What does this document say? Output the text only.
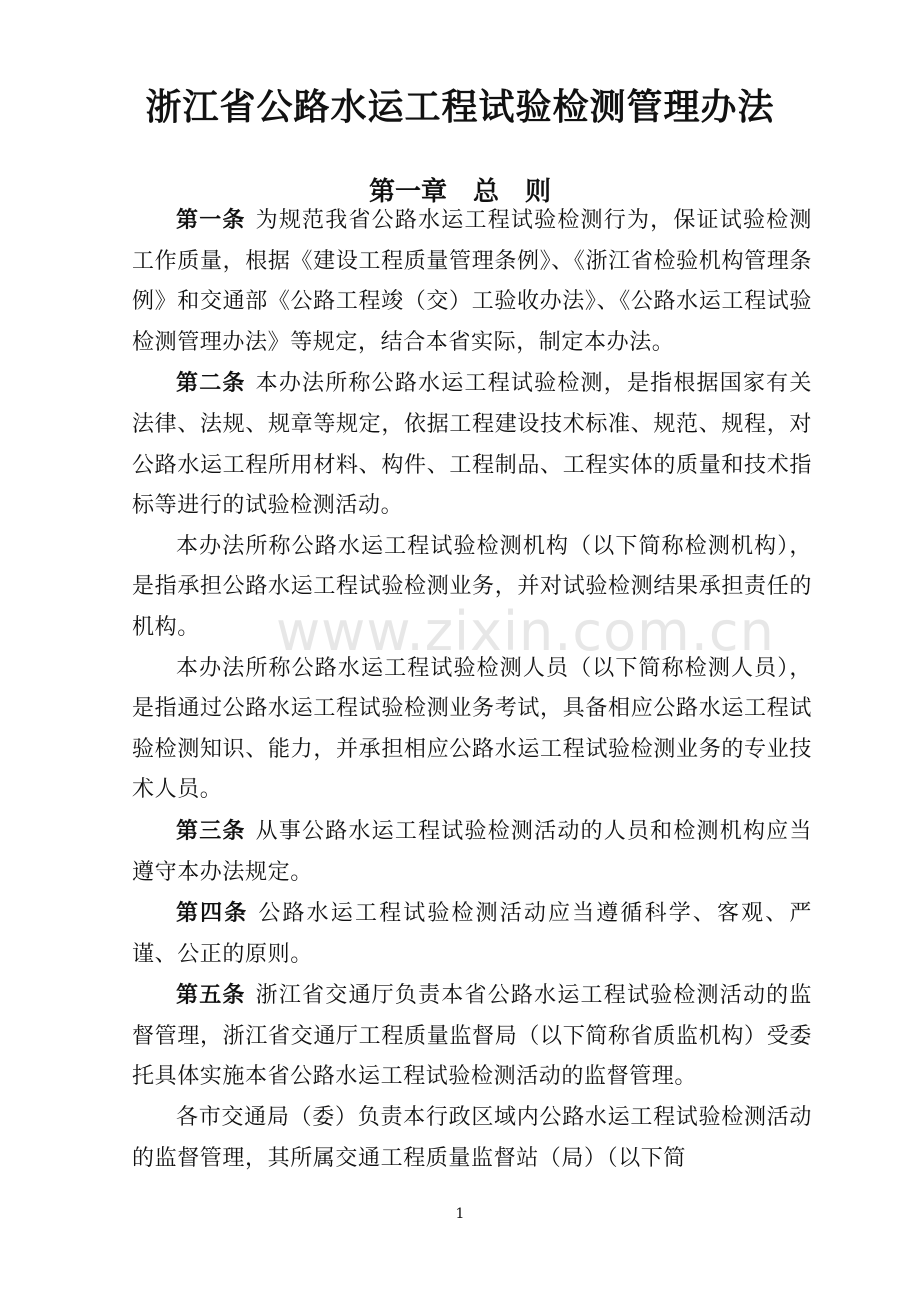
浙江省公路水运工程试验检测管理办法
第一章　总　则

第一条 为规范我省公路水运工程试验检测行为，保证试验检测工作质量，根据《建设工程质量管理条例》、《浙江省检验机构管理条例》和交通部《公路工程竣（交）工验收办法》、《公路水运工程试验检测管理办法》等规定，结合本省实际，制定本办法。

第二条 本办法所称公路水运工程试验检测，是指根据国家有关法律、法规、规章等规定，依据工程建设技术标准、规范、规程，对公路水运工程所用材料、构件、工程制品、工程实体的质量和技术指标等进行的试验检测活动。

本办法所称公路水运工程试验检测机构（以下简称检测机构），是指承担公路水运工程试验检测业务，并对试验检测结果承担责任的机构。

本办法所称公路水运工程试验检测人员（以下简称检测人员），是指通过公路水运工程试验检测业务考试，具备相应公路水运工程试验检测知识、能力，并承担相应公路水运工程试验检测业务的专业技术人员。

第三条 从事公路水运工程试验检测活动的人员和检测机构应当遵守本办法规定。

第四条 公路水运工程试验检测活动应当遵循科学、客观、严谨、公正的原则。

第五条 浙江省交通厅负责本省公路水运工程试验检测活动的监督管理，浙江省交通厅工程质量监督局（以下简称省质监机构）受委托具体实施本省公路水运工程试验检测活动的监督管理。

各市交通局（委）负责本行政区域内公路水运工程试验检测活动的监督管理，其所属交通工程质量监督站（局）（以下简

www.zixin.com.cn
1
